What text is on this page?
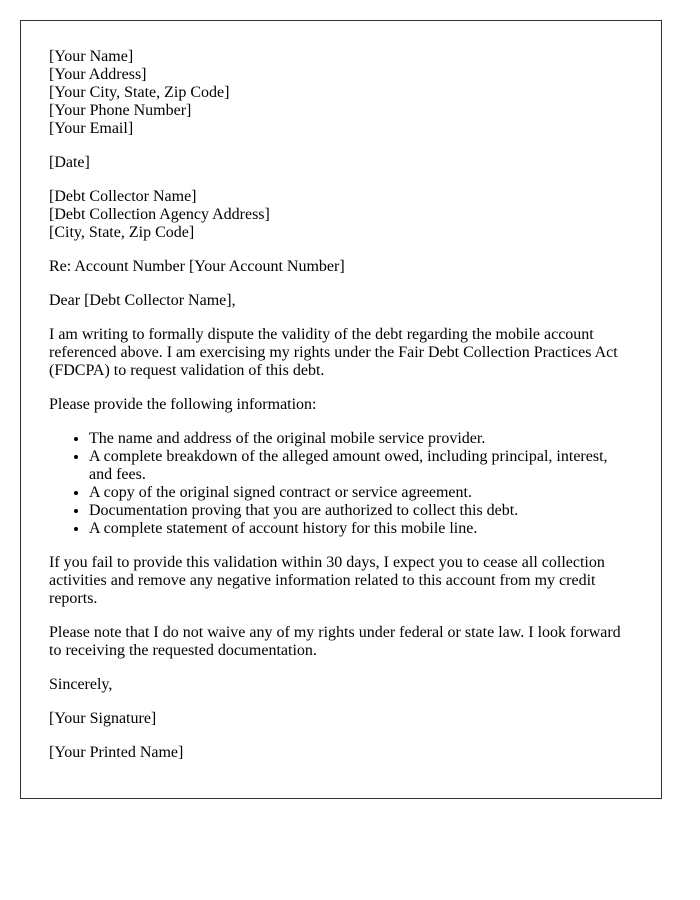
[Your Name]
[Your Address]
[Your City, State, Zip Code]
[Your Phone Number]
[Your Email]

[Date]

[Debt Collector Name]
[Debt Collection Agency Address]
[City, State, Zip Code]

Re: Account Number [Your Account Number]

Dear [Debt Collector Name],

I am writing to formally dispute the validity of the debt regarding the mobile account referenced above. I am exercising my rights under the Fair Debt Collection Practices Act (FDCPA) to request validation of this debt.

Please provide the following information:

• The name and address of the original mobile service provider.
• A complete breakdown of the alleged amount owed, including principal, interest, and fees.
• A copy of the original signed contract or service agreement.
• Documentation proving that you are authorized to collect this debt.
• A complete statement of account history for this mobile line.

If you fail to provide this validation within 30 days, I expect you to cease all collection activities and remove any negative information related to this account from my credit reports.

Please note that I do not waive any of my rights under federal or state law. I look forward to receiving the requested documentation.

Sincerely,

[Your Signature]

[Your Printed Name]
